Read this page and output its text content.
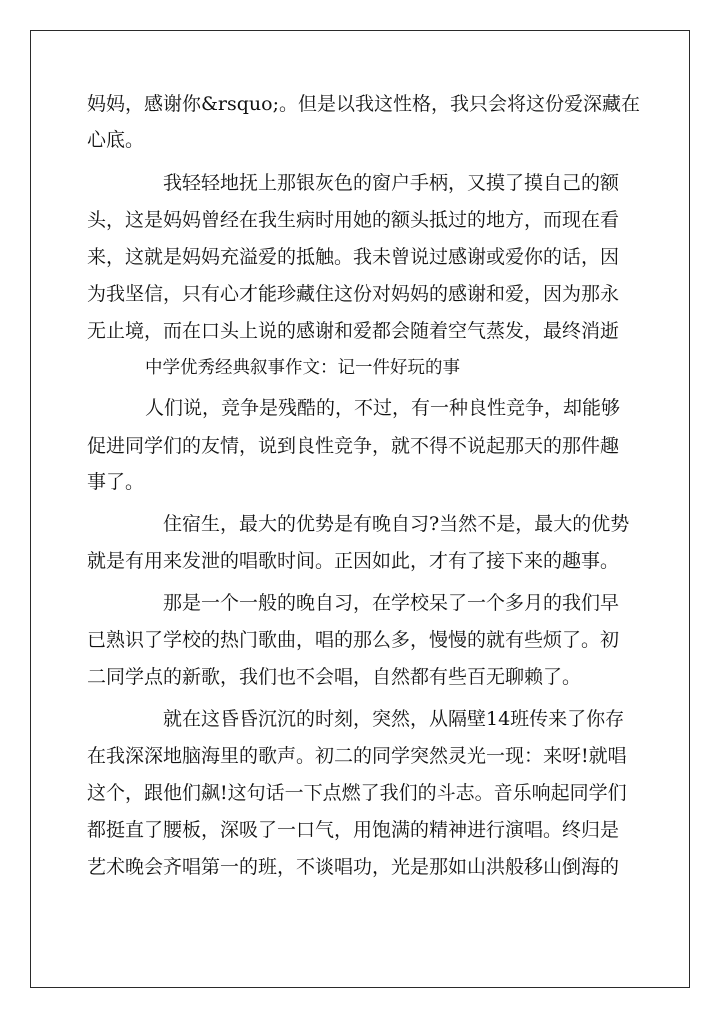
妈妈，感谢你&rsquo;。但是以我这性格，我只会将这份爱深藏在
心底。
我轻轻地抚上那银灰色的窗户手柄，又摸了摸自己的额
头，这是妈妈曾经在我生病时用她的额头抵过的地方，而现在看
来，这就是妈妈充溢爱的抵触。我未曾说过感谢或爱你的话，因
为我坚信，只有心才能珍藏住这份对妈妈的感谢和爱，因为那永
无止境，而在口头上说的感谢和爱都会随着空气蒸发，最终消逝
中学优秀经典叙事作文：记一件好玩的事
人们说，竞争是残酷的，不过，有一种良性竞争，却能够
促进同学们的友情，说到良性竞争，就不得不说起那天的那件趣
事了。
住宿生，最大的优势是有晚自习?当然不是，最大的优势
就是有用来发泄的唱歌时间。正因如此，才有了接下来的趣事。
那是一个一般的晚自习，在学校呆了一个多月的我们早
已熟识了学校的热门歌曲，唱的那么多，慢慢的就有些烦了。初
二同学点的新歌，我们也不会唱，自然都有些百无聊赖了。
就在这昏昏沉沉的时刻，突然，从隔壁14班传来了你存
在我深深地脑海里的歌声。初二的同学突然灵光一现：来呀!就唱
这个，跟他们飙!这句话一下点燃了我们的斗志。音乐响起同学们
都挺直了腰板，深吸了一口气，用饱满的精神进行演唱。终归是
艺术晚会齐唱第一的班，不谈唱功，光是那如山洪般移山倒海的
